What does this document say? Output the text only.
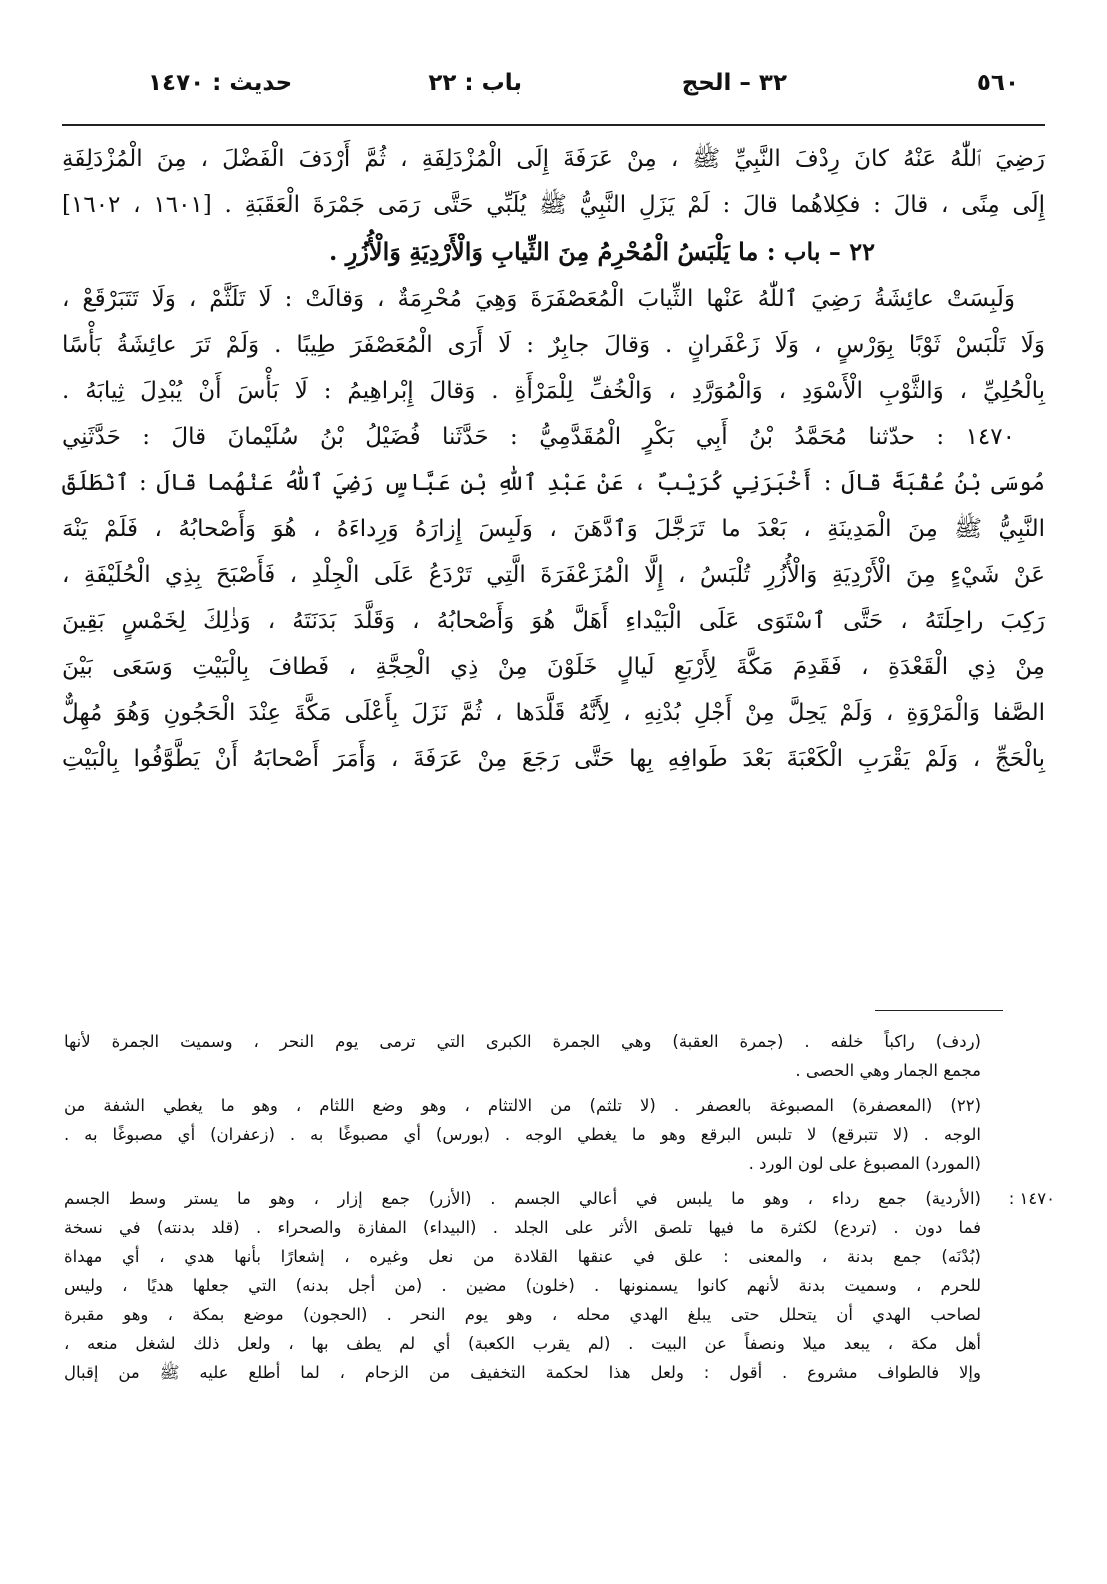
٥٦٠
٣٢ – الحج
باب : ٢٢
حديث : ١٤٧٠

رَضِيَ ٱللّٰهُ عَنْهُ كانَ رِدْفَ النَّبِيِّ ﷺ ، مِنْ عَرَفَةَ إِلَى الْمُزْدَلِفَةِ ، ثُمَّ أَرْدَفَ الْفَضْلَ ، مِنَ الْمُزْدَلِفَةِ

إِلَى مِنًى ، قالَ : فكِلاهُما قالَ : لَمْ يَزَلِ النَّبِيُّ ﷺ يُلَبِّي حَتَّى رَمَى جَمْرَةَ الْعَقَبَةِ . [١٦٠١ ، ١٦٠٢]

٢٢ – باب : ما يَلْبَسُ الْمُحْرِمُ مِنَ الثِّيابِ وَالْأَرْدِيَةِ وَالْأُزُرِ .

وَلَبِسَتْ عائِشَةُ رَضِيَ ٱللّٰهُ عَنْها الثِّيابَ الْمُعَصْفَرَةَ وَهِيَ مُحْرِمَةٌ ، وَقالَتْ : لَا تَلَثَّمْ ، وَلَا تَتَبَرْقَعْ ،

وَلَا تَلْبَسْ ثَوْبًا بِوَرْسٍ ، وَلَا زَعْفَرانٍ . وَقالَ جابِرٌ : لَا أَرَى الْمُعَصْفَرَ طِيبًا . وَلَمْ تَرَ عائِشَةُ بَأْسًا

بِالْحُلِيِّ ، وَالثَّوْبِ الْأَسْوَدِ ، وَالْمُوَرَّدِ ، وَالْخُفِّ لِلْمَرْأَةِ . وَقالَ إِبْراهِيمُ : لَا بَأْسَ أَنْ يُبْدِلَ ثِيابَهُ .

١٤٧٠ : حدّثنا مُحَمَّدُ بْنُ أَبِي بَكْرٍ الْمُقَدَّمِيُّ : حَدَّثَنا فُضَيْلُ بْنُ سُلَيْمانَ قالَ : حَدَّثَنِي

مُوسَى بْنُ عُقْبَةَ قالَ : أَخْبَرَنِي كُرَيْبٌ ، عَنْ عَبْدِ ٱللّٰهِ بْنِ عَبَّاسٍ رَضِيَ ٱللّٰهُ عَنْهُما قالَ : ٱنْطَلَقَ

النَّبِيُّ ﷺ مِنَ الْمَدِينَةِ ، بَعْدَ ما تَرَجَّلَ وَٱدَّهَنَ ، وَلَبِسَ إِزارَهُ وَرِداءَهُ ، هُوَ وَأَصْحابُهُ ، فَلَمْ يَنْهَ

عَنْ شَيْءٍ مِنَ الْأَرْدِيَةِ وَالْأُزُرِ تُلْبَسُ ، إِلَّا الْمُزَعْفَرَةَ الَّتِي تَرْدَعُ عَلَى الْجِلْدِ ، فَأَصْبَحَ بِذِي الْحُلَيْفَةِ ،

رَكِبَ راحِلَتَهُ ، حَتَّى ٱسْتَوَى عَلَى الْبَيْداءِ أَهَلَّ هُوَ وَأَصْحابُهُ ، وَقَلَّدَ بَدَنَتَهُ ، وَذٰلِكَ لِخَمْسٍ بَقِينَ

مِنْ ذِي الْقَعْدَةِ ، فَقَدِمَ مَكَّةَ لِأَرْبَعِ لَيالٍ خَلَوْنَ مِنْ ذِي الْحِجَّةِ ، فَطافَ بِالْبَيْتِ وَسَعَى بَيْنَ

الصَّفا وَالْمَرْوَةِ ، وَلَمْ يَحِلَّ مِنْ أَجْلِ بُدْنِهِ ، لِأَنَّهُ قَلَّدَها ، ثُمَّ نَزَلَ بِأَعْلَى مَكَّةَ عِنْدَ الْحَجُونِ وَهُوَ مُهِلٌّ

بِالْحَجِّ ، وَلَمْ يَقْرَبِ الْكَعْبَةَ بَعْدَ طَوافِهِ بِها حَتَّى رَجَعَ مِنْ عَرَفَةَ ، وَأَمَرَ أَصْحابَهُ أَنْ يَطَّوَّفُوا بِالْبَيْتِ

(ردف) راكباً خلفه . (جمرة العقبة) وهي الجمرة الكبرى التي ترمى يوم النحر ، وسميت الجمرة لأنها

مجمع الجمار وهي الحصى .

(٢٢) (المعصفرة) المصبوغة بالعصفر . (لا تلثم) من الالتثام ، وهو وضع اللثام ، وهو ما يغطي الشفة من

الوجه . (لا تتبرقع) لا تلبس البرقع وهو ما يغطي الوجه . (بورس) أي مصبوغًا به . (زعفران) أي مصبوغًا به .

(المورد) المصبوغ على لون الورد .

١٤٧٠ :

(الأردية) جمع رداء ، وهو ما يلبس في أعالي الجسم . (الأزر) جمع إزار ، وهو ما يستر وسط الجسم

فما دون . (تردع) لكثرة ما فيها تلصق الأثر على الجلد . (البيداء) المفازة والصحراء . (قلد بدنته) في نسخة

(بُدْنَه) جمع بدنة ، والمعنى : علق في عنقها القلادة من نعل وغيره ، إشعارًا بأنها هدي ، أي مهداة

للحرم ، وسميت بدنة لأنهم كانوا يسمنونها . (خلون) مضين . (من أجل بدنه) التي جعلها هديًا ، وليس

لصاحب الهدي أن يتحلل حتى يبلغ الهدي محله ، وهو يوم النحر . (الحجون) موضع بمكة ، وهو مقبرة

أهل مكة ، يبعد ميلا ونصفاً عن البيت . (لم يقرب الكعبة) أي لم يطف بها ، ولعل ذلك لشغل منعه ،

وإلا فالطواف مشروع . أقول : ولعل هذا لحكمة التخفيف من الزحام ، لما أطلع عليه ﷺ من إقبال
